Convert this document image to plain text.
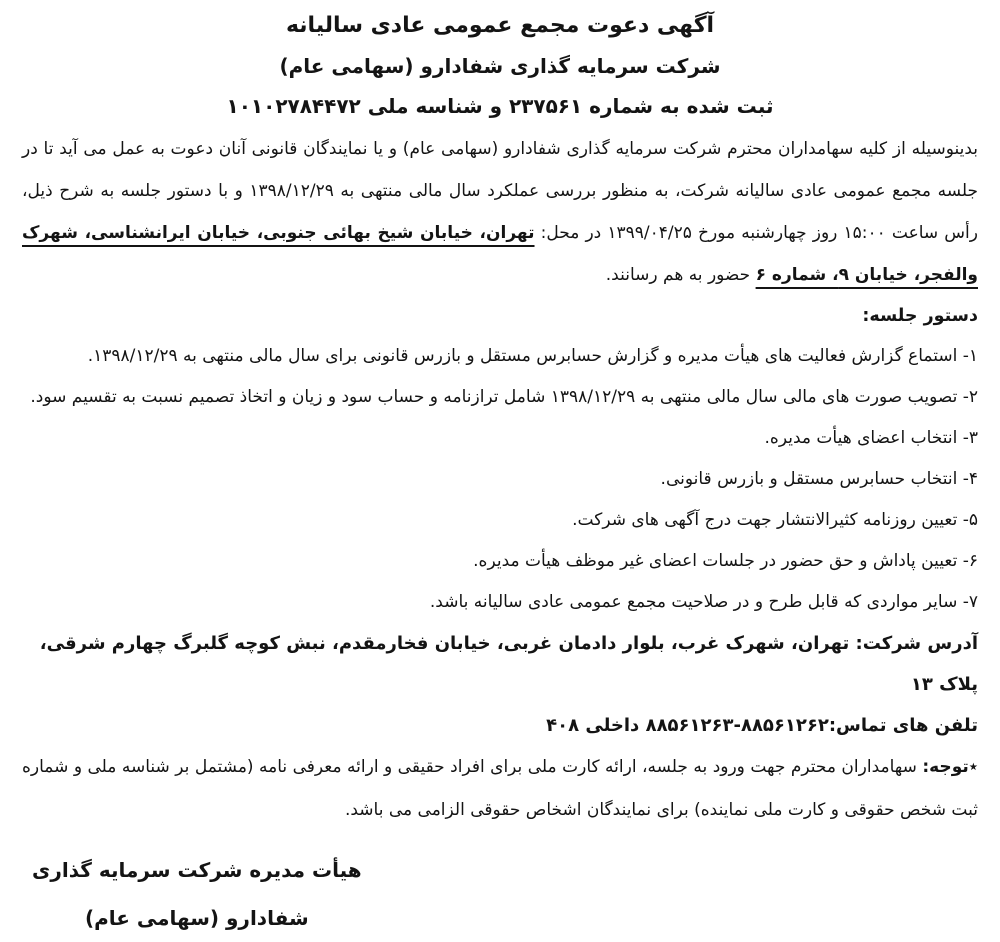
آگهی دعوت مجمع عمومی عادی سالیانه
شرکت سرمایه گذاری شفادارو (سهامی عام)
ثبت شده به شماره ۲۳۷۵۶۱ و شناسه ملی ۱۰۱۰۲۷۸۴۴۷۲

بدینوسیله از کلیه سهامداران محترم شرکت سرمایه گذاری شفادارو (سهامی عام) و یا نمایندگان قانونی آنان دعوت به عمل می آید تا در جلسه مجمع عمومی عادی سالیانه شرکت، به منظور بررسی عملکرد سال مالی منتهی به ۱۳۹۸/۱۲/۲۹ و با دستور جلسه به شرح ذیل، رأس ساعت ۱۵:۰۰ روز چهارشنبه مورخ ۱۳۹۹/۰۴/۲۵ در محل: تهران، خیابان شیخ بهائی جنوبی، خیابان ایرانشناسی، شهرک والفجر، خیابان ۹، شماره ۶ حضور به هم رسانند.

دستور جلسه:

۱- استماع گزارش فعالیت های هیأت مدیره و گزارش حسابرس مستقل و بازرس قانونی برای سال مالی منتهی به ۱۳۹۸/۱۲/۲۹.
۲- تصویب صورت های مالی سال مالی منتهی به ۱۳۹۸/۱۲/۲۹ شامل ترازنامه و حساب سود و زیان و اتخاذ تصمیم نسبت به تقسیم سود.
۳- انتخاب اعضای هیأت مدیره.
۴- انتخاب حسابرس مستقل و بازرس قانونی.
۵- تعیین روزنامه کثیرالانتشار جهت درج آگهی های شرکت.
۶- تعیین پاداش و حق حضور در جلسات اعضای غیر موظف هیأت مدیره.
۷- سایر مواردی که قابل طرح و در صلاحیت مجمع عمومی عادی سالیانه باشد.
آدرس شرکت: تهران، شهرک غرب، بلوار دادمان غربی، خیابان فخارمقدم، نبش کوچه گلبرگ چهارم شرقی، پلاک ۱۳
تلفن های تماس:۸۸۵۶۱۲۶۲-۸۸۵۶۱۲۶۳ داخلی ۴۰۸

٭توجه: سهامداران محترم جهت ورود به جلسه، ارائه کارت ملی برای افراد حقیقی و ارائه معرفی نامه (مشتمل بر شناسه ملی و شماره ثبت شخص حقوقی و کارت ملی نماینده) برای نمایندگان اشخاص حقوقی الزامی می باشد.

هیأت مدیره شرکت سرمایه گذاری
شفادارو (سهامی عام)
